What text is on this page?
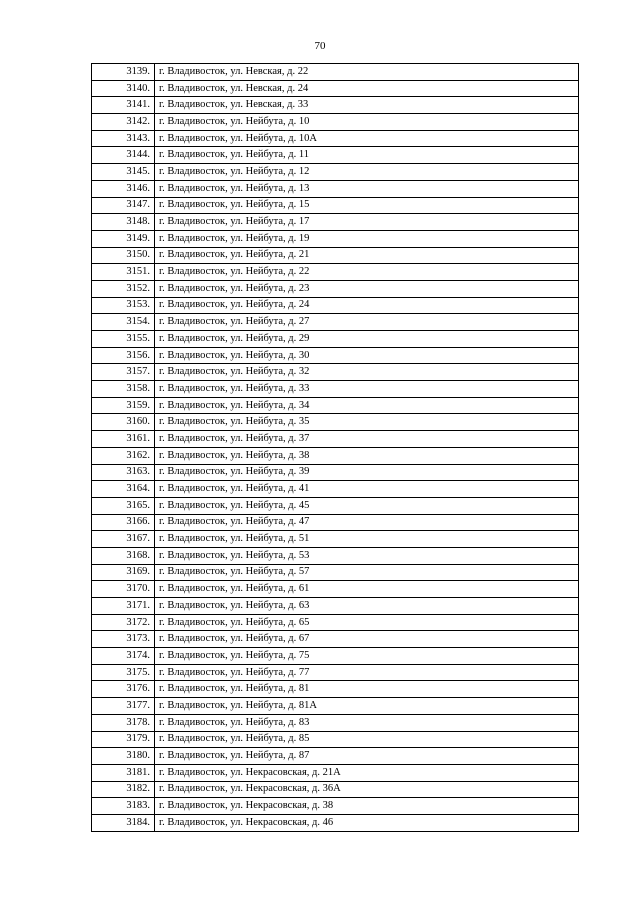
70
3139.	г. Владивосток, ул. Невская, д. 22
3140.	г. Владивосток, ул. Невская, д. 24
3141.	г. Владивосток, ул. Невская, д. 33
3142.	г. Владивосток, ул. Нейбута, д. 10
3143.	г. Владивосток, ул. Нейбута, д. 10А
3144.	г. Владивосток, ул. Нейбута, д. 11
3145.	г. Владивосток, ул. Нейбута, д. 12
3146.	г. Владивосток, ул. Нейбута, д. 13
3147.	г. Владивосток, ул. Нейбута, д. 15
3148.	г. Владивосток, ул. Нейбута, д. 17
3149.	г. Владивосток, ул. Нейбута, д. 19
3150.	г. Владивосток, ул. Нейбута, д. 21
3151.	г. Владивосток, ул. Нейбута, д. 22
3152.	г. Владивосток, ул. Нейбута, д. 23
3153.	г. Владивосток, ул. Нейбута, д. 24
3154.	г. Владивосток, ул. Нейбута, д. 27
3155.	г. Владивосток, ул. Нейбута, д. 29
3156.	г. Владивосток, ул. Нейбута, д. 30
3157.	г. Владивосток, ул. Нейбута, д. 32
3158.	г. Владивосток, ул. Нейбута, д. 33
3159.	г. Владивосток, ул. Нейбута, д. 34
3160.	г. Владивосток, ул. Нейбута, д. 35
3161.	г. Владивосток, ул. Нейбута, д. 37
3162.	г. Владивосток, ул. Нейбута, д. 38
3163.	г. Владивосток, ул. Нейбута, д. 39
3164.	г. Владивосток, ул. Нейбута, д. 41
3165.	г. Владивосток, ул. Нейбута, д. 45
3166.	г. Владивосток, ул. Нейбута, д. 47
3167.	г. Владивосток, ул. Нейбута, д. 51
3168.	г. Владивосток, ул. Нейбута, д. 53
3169.	г. Владивосток, ул. Нейбута, д. 57
3170.	г. Владивосток, ул. Нейбута, д. 61
3171.	г. Владивосток, ул. Нейбута, д. 63
3172.	г. Владивосток, ул. Нейбута, д. 65
3173.	г. Владивосток, ул. Нейбута, д. 67
3174.	г. Владивосток, ул. Нейбута, д. 75
3175.	г. Владивосток, ул. Нейбута, д. 77
3176.	г. Владивосток, ул. Нейбута, д. 81
3177.	г. Владивосток, ул. Нейбута, д. 81А
3178.	г. Владивосток, ул. Нейбута, д. 83
3179.	г. Владивосток, ул. Нейбута, д. 85
3180.	г. Владивосток, ул. Нейбута, д. 87
3181.	г. Владивосток, ул. Некрасовская, д. 21А
3182.	г. Владивосток, ул. Некрасовская, д. 36А
3183.	г. Владивосток, ул. Некрасовская, д. 38
3184.	г. Владивосток, ул. Некрасовская, д. 46
